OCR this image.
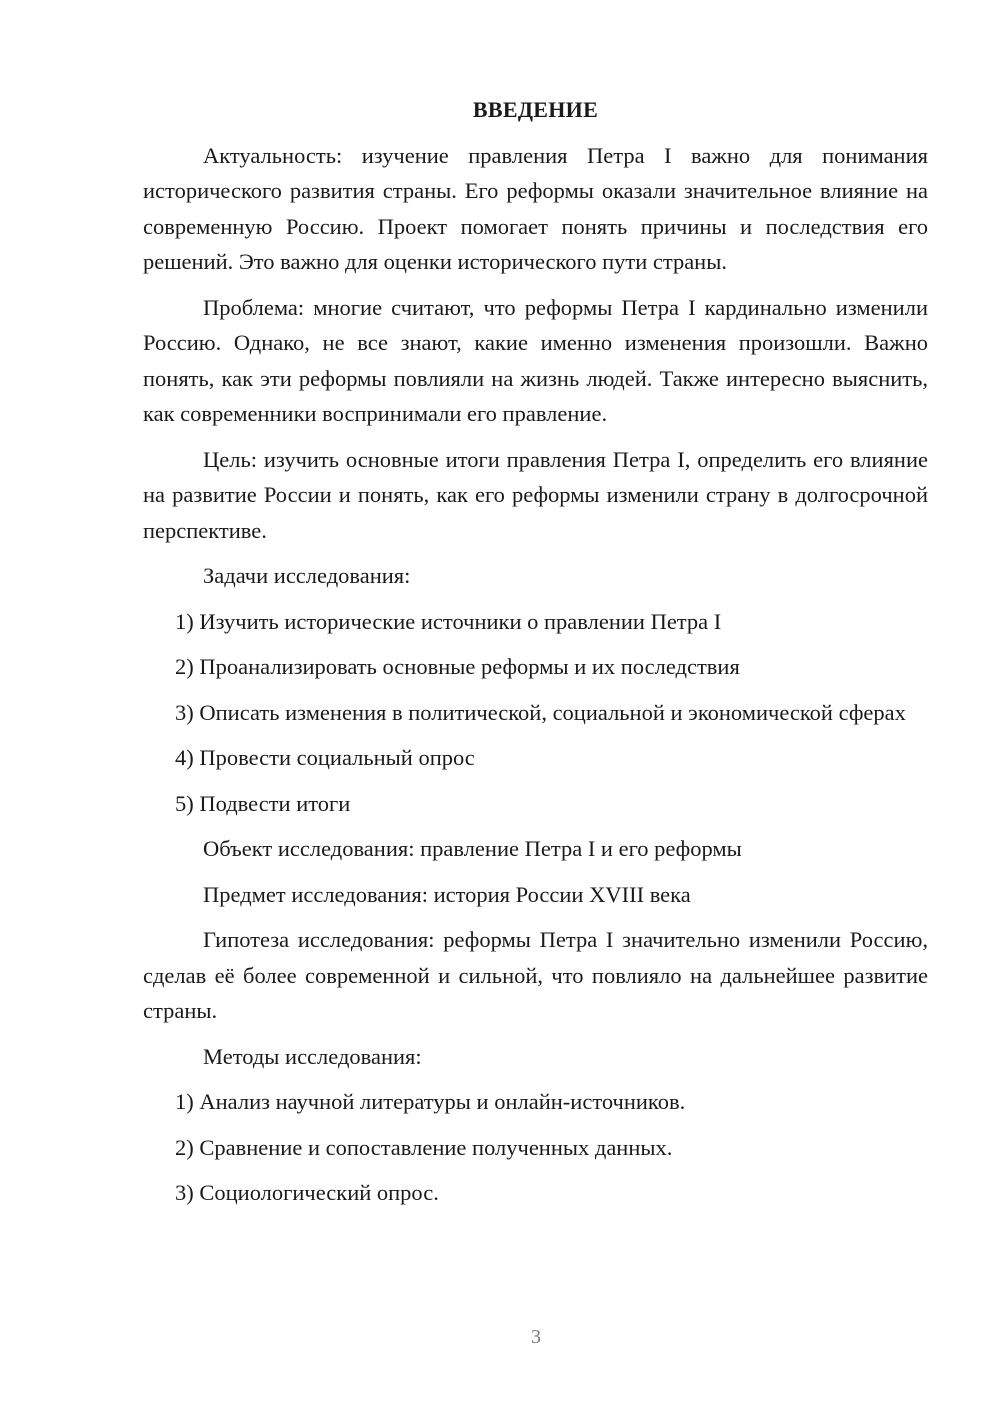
ВВЕДЕНИЕ
Актуальность: изучение правления Петра I важно для понимания исторического развития страны. Его реформы оказали значительное влияние на современную Россию. Проект помогает понять причины и последствия его решений. Это важно для оценки исторического пути страны.
Проблема: многие считают, что реформы Петра I кардинально изменили Россию. Однако, не все знают, какие именно изменения произошли. Важно понять, как эти реформы повлияли на жизнь людей. Также интересно выяснить, как современники воспринимали его правление.
Цель: изучить основные итоги правления Петра I, определить его влияние на развитие России и понять, как его реформы изменили страну в долгосрочной перспективе.
Задачи исследования:
1) Изучить исторические источники о правлении Петра I
2) Проанализировать основные реформы и их последствия
3) Описать изменения в политической, социальной и экономической сферах
4) Провести социальный опрос
5) Подвести итоги
Объект исследования: правление Петра I и его реформы
Предмет исследования: история России XVIII века
Гипотеза исследования: реформы Петра I значительно изменили Россию, сделав её более современной и сильной, что повлияло на дальнейшее развитие страны.
Методы исследования:
1) Анализ научной литературы и онлайн-источников.
2) Сравнение и сопоставление полученных данных.
3) Социологический опрос.
3
